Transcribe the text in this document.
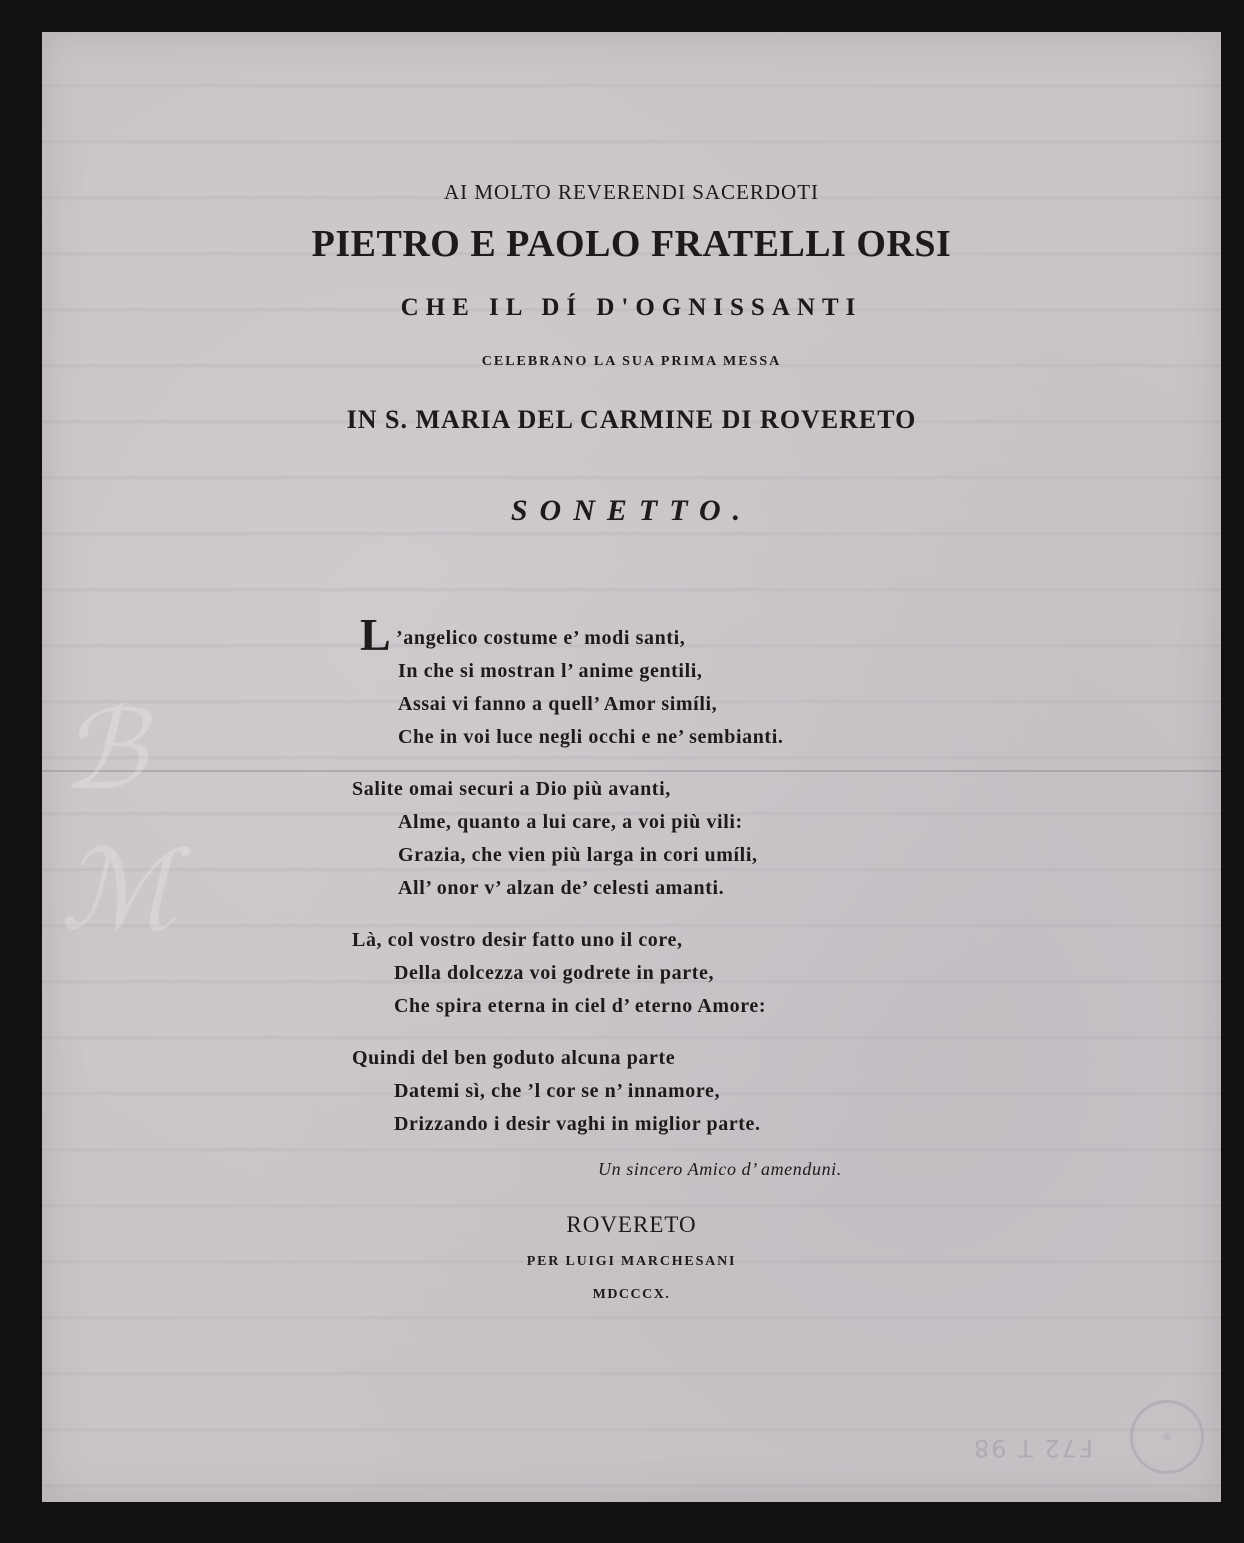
ℬ
ℳ
AI MOLTO REVERENDI SACERDOTI
PIETRO E PAOLO FRATELLI ORSI
CHE IL DÍ D'OGNISSANTI
CELEBRANO LA SUA PRIMA MESSA
IN S. MARIA DEL CARMINE DI ROVERETO
SONETTO.
L ’angelico costume e’ modi santi,
In che si mostran l’ anime gentili,
Assai vi fanno a quell’ Amor simíli,
Che in voi luce negli occhi e ne’ sembianti.
Salite omai securi a Dio più avanti,
Alme, quanto a lui care, a voi più vili:
Grazia, che vien più larga in cori umíli,
All’ onor v’ alzan de’ celesti amanti.
Là, col vostro desir fatto uno il core,
Della dolcezza voi godrete in parte,
Che spira eterna in ciel d’ eterno Amore:
Quindi del ben goduto alcuna parte
Datemi sì, che ’l cor se n’ innamore,
Drizzando i desir vaghi in miglior parte.
Un sincero Amico d’ amenduni.
ROVERETO
PER LUIGI MARCHESANI
MDCCCX.
F72 T 98	◎
